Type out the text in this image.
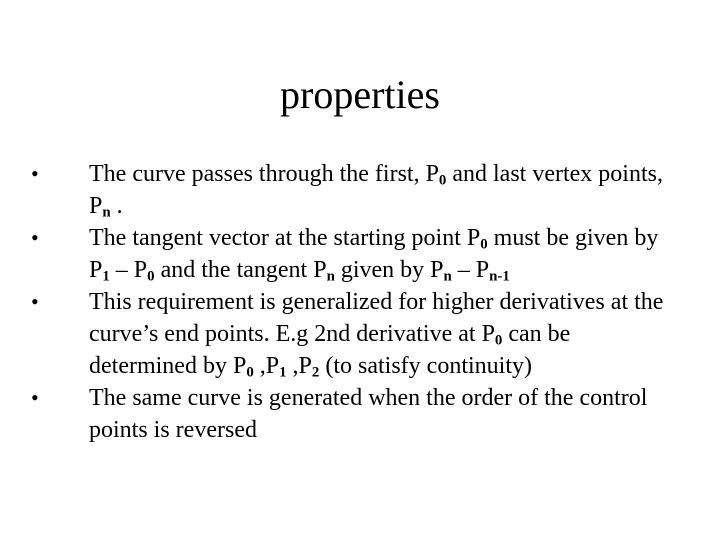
properties
• The curve passes through the first, $P_0$ and last vertex points, $P_n$ .
• The tangent vector at the starting point $P_0$ must be given by $P_1 - P_0$ and the tangent $P_n$ given by $P_n - P_{n-1}$
• This requirement is generalized for higher derivatives at the curve’s end points. E.g 2nd derivative at $P_0$ can be determined by $P_0$ $,P_1$ $,P_2$ (to satisfy continuity)
• The same curve is generated when the order of the control points is reversed
